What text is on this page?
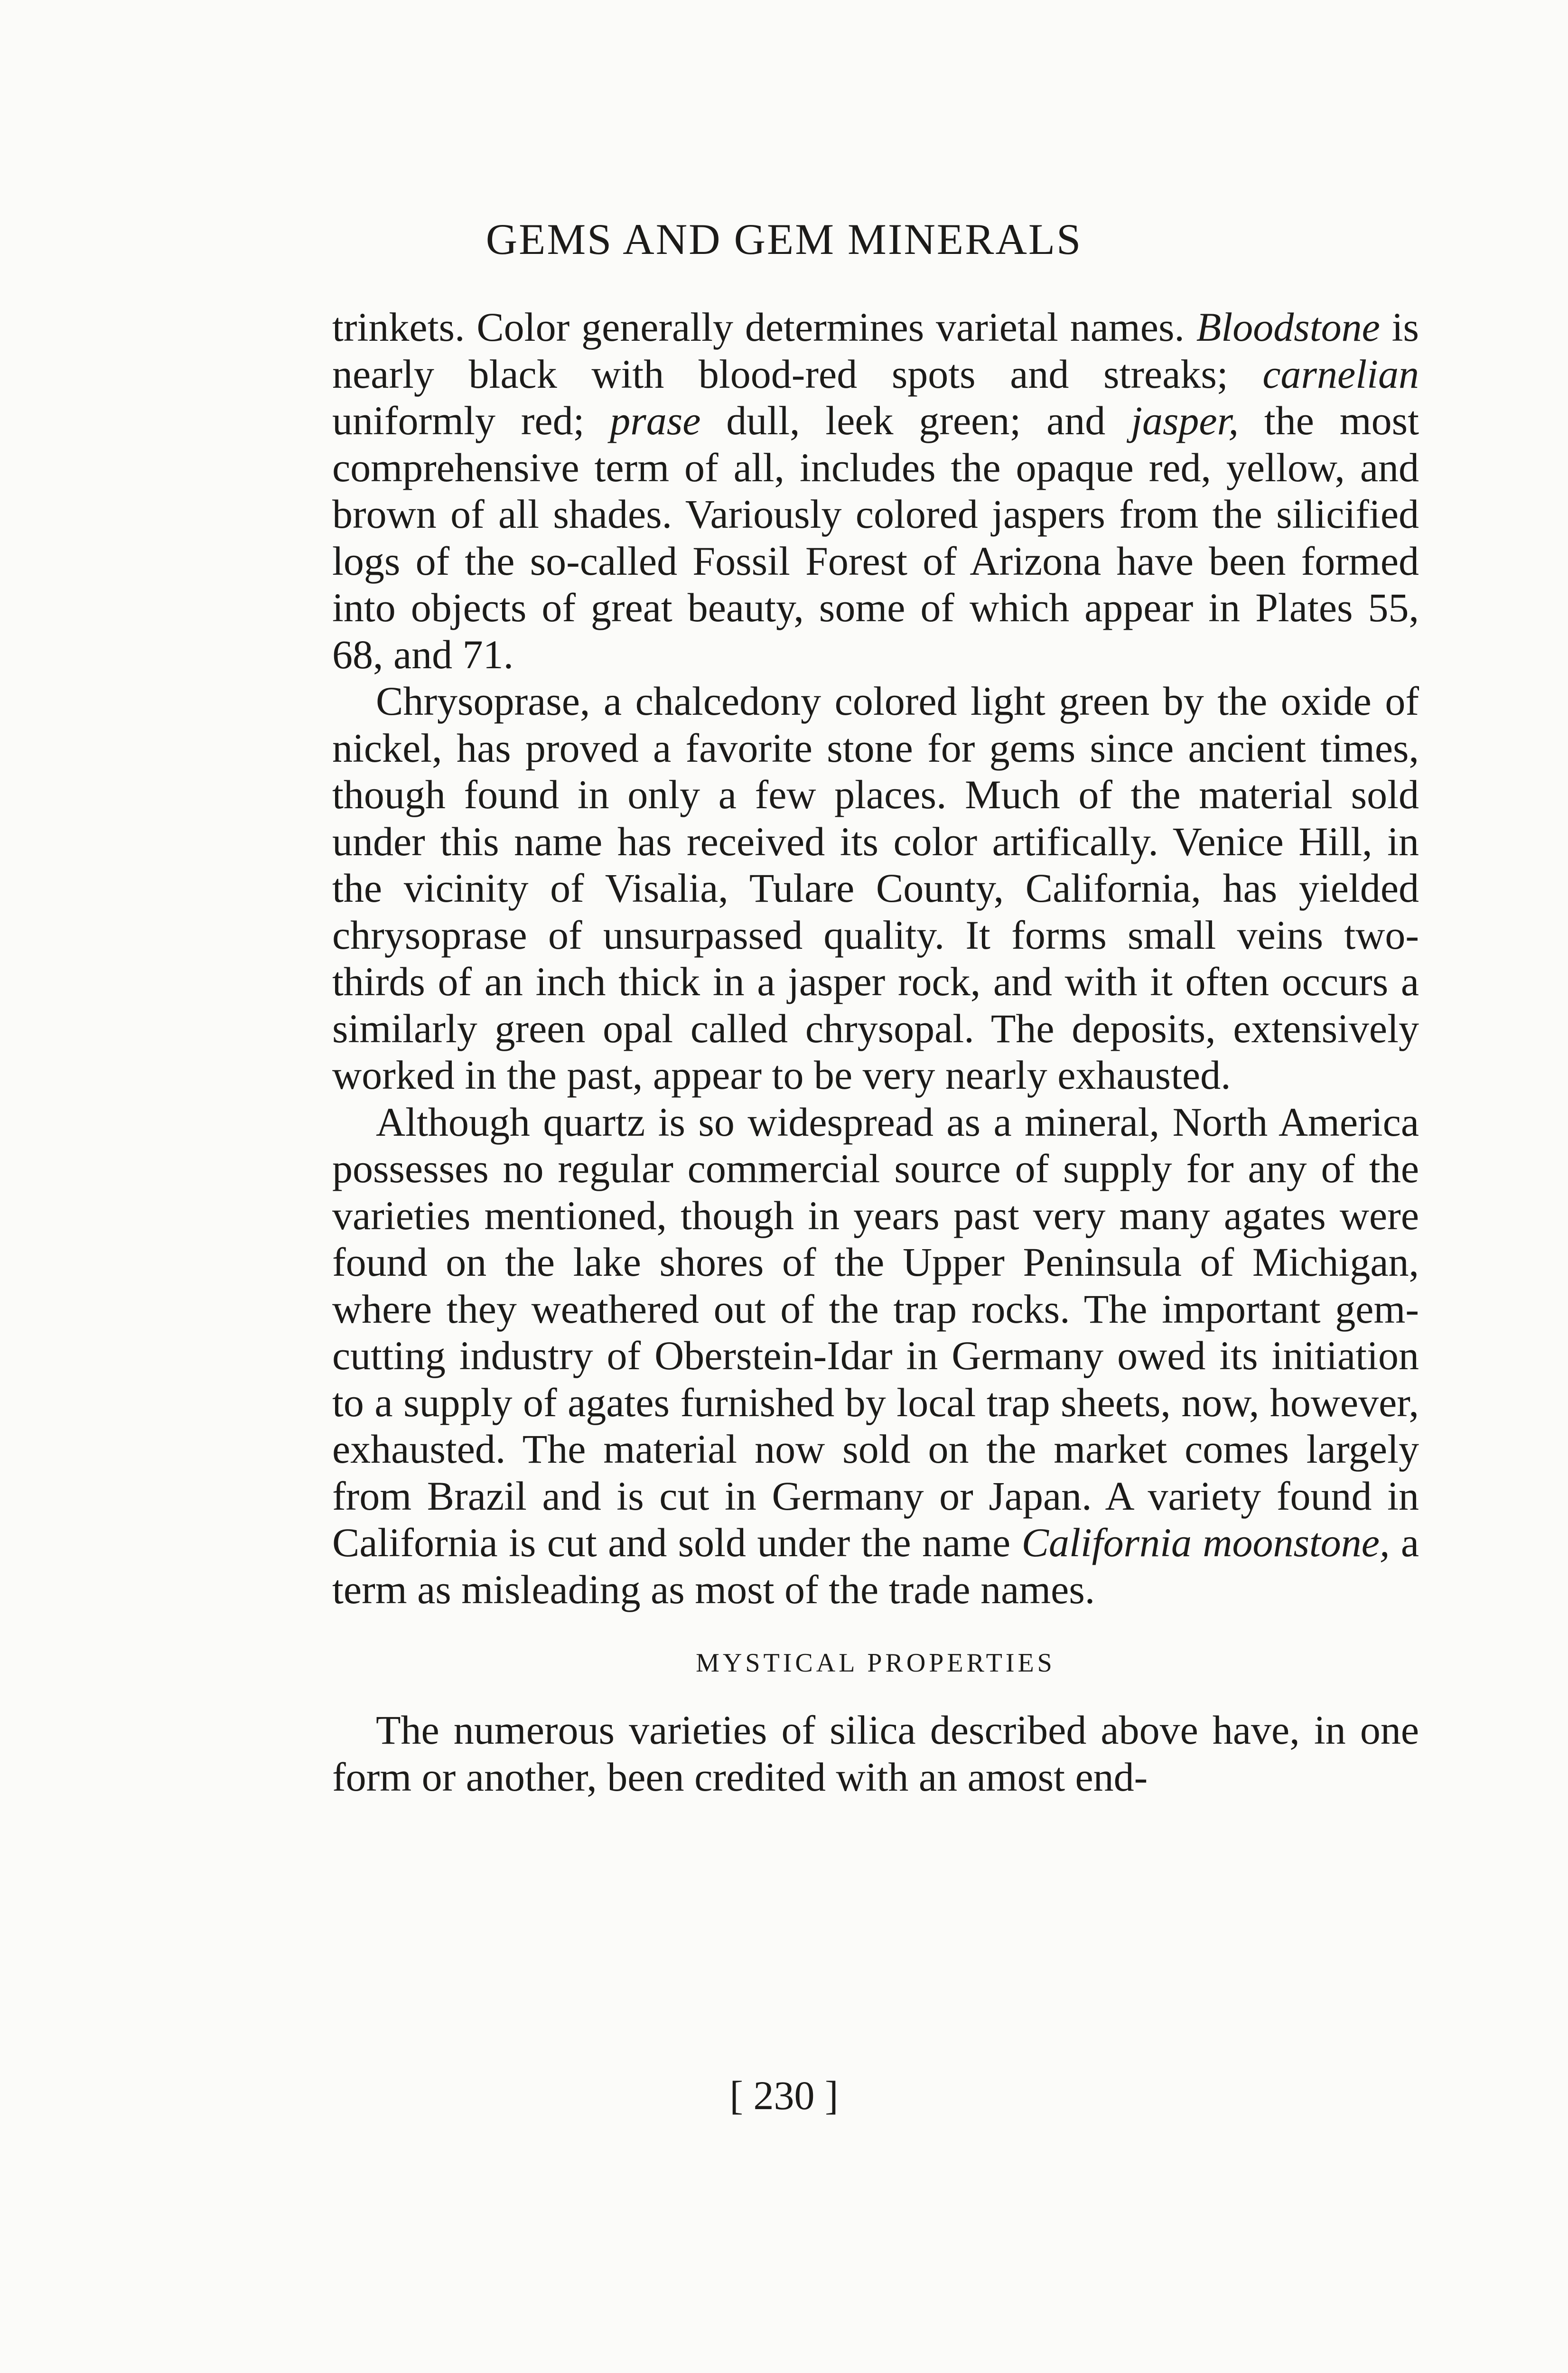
GEMS AND GEM MINERALS

trinkets. Color generally determines varietal names. Bloodstone is nearly black with blood-red spots and streaks; carnelian uniformly red; prase dull, leek green; and jasper, the most comprehensive term of all, includes the opaque red, yellow, and brown of all shades. Variously colored jaspers from the silicified logs of the so-called Fossil Forest of Arizona have been formed into objects of great beauty, some of which appear in Plates 55, 68, and 71.

Chrysoprase, a chalcedony colored light green by the oxide of nickel, has proved a favorite stone for gems since ancient times, though found in only a few places. Much of the material sold under this name has received its color artifically. Venice Hill, in the vicinity of Visalia, Tulare County, California, has yielded chrysoprase of unsurpassed quality. It forms small veins two-thirds of an inch thick in a jasper rock, and with it often occurs a similarly green opal called chrysopal. The deposits, extensively worked in the past, appear to be very nearly exhausted.

Although quartz is so widespread as a mineral, North America possesses no regular commercial source of supply for any of the varieties mentioned, though in years past very many agates were found on the lake shores of the Upper Peninsula of Michigan, where they weathered out of the trap rocks. The important gem-cutting industry of Oberstein-Idar in Germany owed its initiation to a supply of agates furnished by local trap sheets, now, however, exhausted. The material now sold on the market comes largely from Brazil and is cut in Germany or Japan. A variety found in California is cut and sold under the name California moonstone, a term as misleading as most of the trade names.

MYSTICAL PROPERTIES

The numerous varieties of silica described above have, in one form or another, been credited with an amost end-

[ 230 ]
